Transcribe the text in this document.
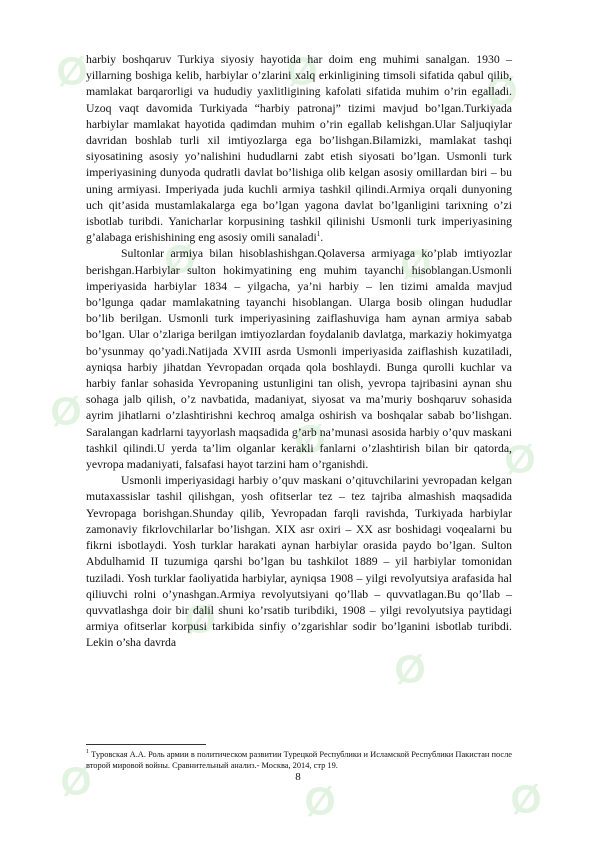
Ø	Ø	Ø
Ø	Ø
Ø
Ø	Ø
Ø
Ø
Ø	Ø	Ø

harbiy boshqaruv Turkiya siyosiy hayotida har doim eng muhimi sanalgan. 1930 – yillarning boshiga kelib, harbiylar o’zlarini xalq erkinligining timsoli sifatida qabul qilib, mamlakat barqarorligi va hududiy yaxlitligining kafolati sifatida muhim o’rin egalladi. Uzoq vaqt davomida Turkiyada “harbiy patronaj” tizimi mavjud bo’lgan.Turkiyada harbiylar mamlakat hayotida qadimdan muhim o’rin egallab kelishgan.Ular Saljuqiylar davridan boshlab turli xil imtiyozlarga ega bo’lishgan.Bilamizki, mamlakat tashqi siyosatining asosiy yo’nalishini hududlarni zabt etish siyosati bo’lgan. Usmonli turk imperiyasining dunyoda qudratli davlat bo’lishiga olib kelgan asosiy omillardan biri – bu uning armiyasi. Imperiyada juda kuchli armiya tashkil qilindi.Armiya orqali dunyoning uch qit’asida mustamlakalarga ega bo’lgan yagona davlat bo’lganligini tarixning o’zi isbotlab turibdi. Yanicharlar korpusining tashkil qilinishi Usmonli turk imperiyasining g’alabaga erishishining eng asosiy omili sanaladi$^1$.

Sultonlar armiya bilan hisoblashishgan.Qolaversa armiyaga ko’plab imtiyozlar berishgan.Harbiylar sulton hokimyatining eng muhim tayanchi hisoblangan.Usmonli imperiyasida harbiylar 1834 – yilgacha, ya’ni harbiy – len tizimi amalda mavjud bo’lgunga qadar mamlakatning tayanchi hisoblangan. Ularga bosib olingan hududlar bo’lib berilgan. Usmonli turk imperiyasining zaiflashuviga ham aynan armiya sabab bo’lgan. Ular o’zlariga berilgan imtiyozlardan foydalanib davlatga, markaziy hokimyatga bo’ysunmay qo’yadi.Natijada XVIII asrda Usmonli imperiyasida zaiflashish kuzatiladi, ayniqsa harbiy jihatdan Yevropadan orqada qola boshlaydi. Bunga qurolli kuchlar va harbiy fanlar sohasida Yevropaning ustunligini tan olish, yevropa tajribasini aynan shu sohaga jalb qilish, o’z navbatida, madaniyat, siyosat va ma’muriy boshqaruv sohasida ayrim jihatlarni o’zlashtirishni kechroq amalga oshirish va boshqalar sabab bo’lishgan. Saralangan kadrlarni tayyorlash maqsadida g’arb na’munasi asosida harbiy o’quv maskani tashkil qilindi.U yerda ta’lim olganlar kerakli fanlarni o’zlashtirish bilan bir qatorda, yevropa madaniyati, falsafasi hayot tarzini ham o’rganishdi.

Usmonli imperiyasidagi harbiy o’quv maskani o’qituvchilarini yevropadan kelgan mutaxassislar tashil qilishgan, yosh ofitserlar tez – tez tajriba almashish maqsadida Yevropaga borishgan.Shunday qilib, Yevropadan farqli ravishda, Turkiyada harbiylar zamonaviy fikrlovchilarlar bo’lishgan. XIX asr oxiri – XX asr boshidagi voqealarni bu fikrni isbotlaydi. Yosh turklar harakati aynan harbiylar orasida paydo bo’lgan. Sulton Abdulhamid II tuzumiga qarshi bo’lgan bu tashkilot 1889 – yil harbiylar tomonidan tuziladi. Yosh turklar faoliyatida harbiylar, ayniqsa 1908 – yilgi revolyutsiya arafasida hal qiliuvchi rolni o’ynashgan.Armiya revolyutsiyani qo’llab – quvvatlagan.Bu qo’llab – quvvatlashga doir bir dalil shuni ko’rsatib turibdiki, 1908 – yilgi revolyutsiya paytidagi armiya ofitserlar korpusi tarkibida sinfiy o’zgarishlar sodir bo’lganini isbotlab turibdi. Lekin o’sha davrda

$^1$ Туровская А.А. Роль армии в политическом развитии Турецкой Республики и Исламской Республики Пакистан после второй мировой войны. Сравнительный анализ.- Москва, 2014, стр 19.

8
